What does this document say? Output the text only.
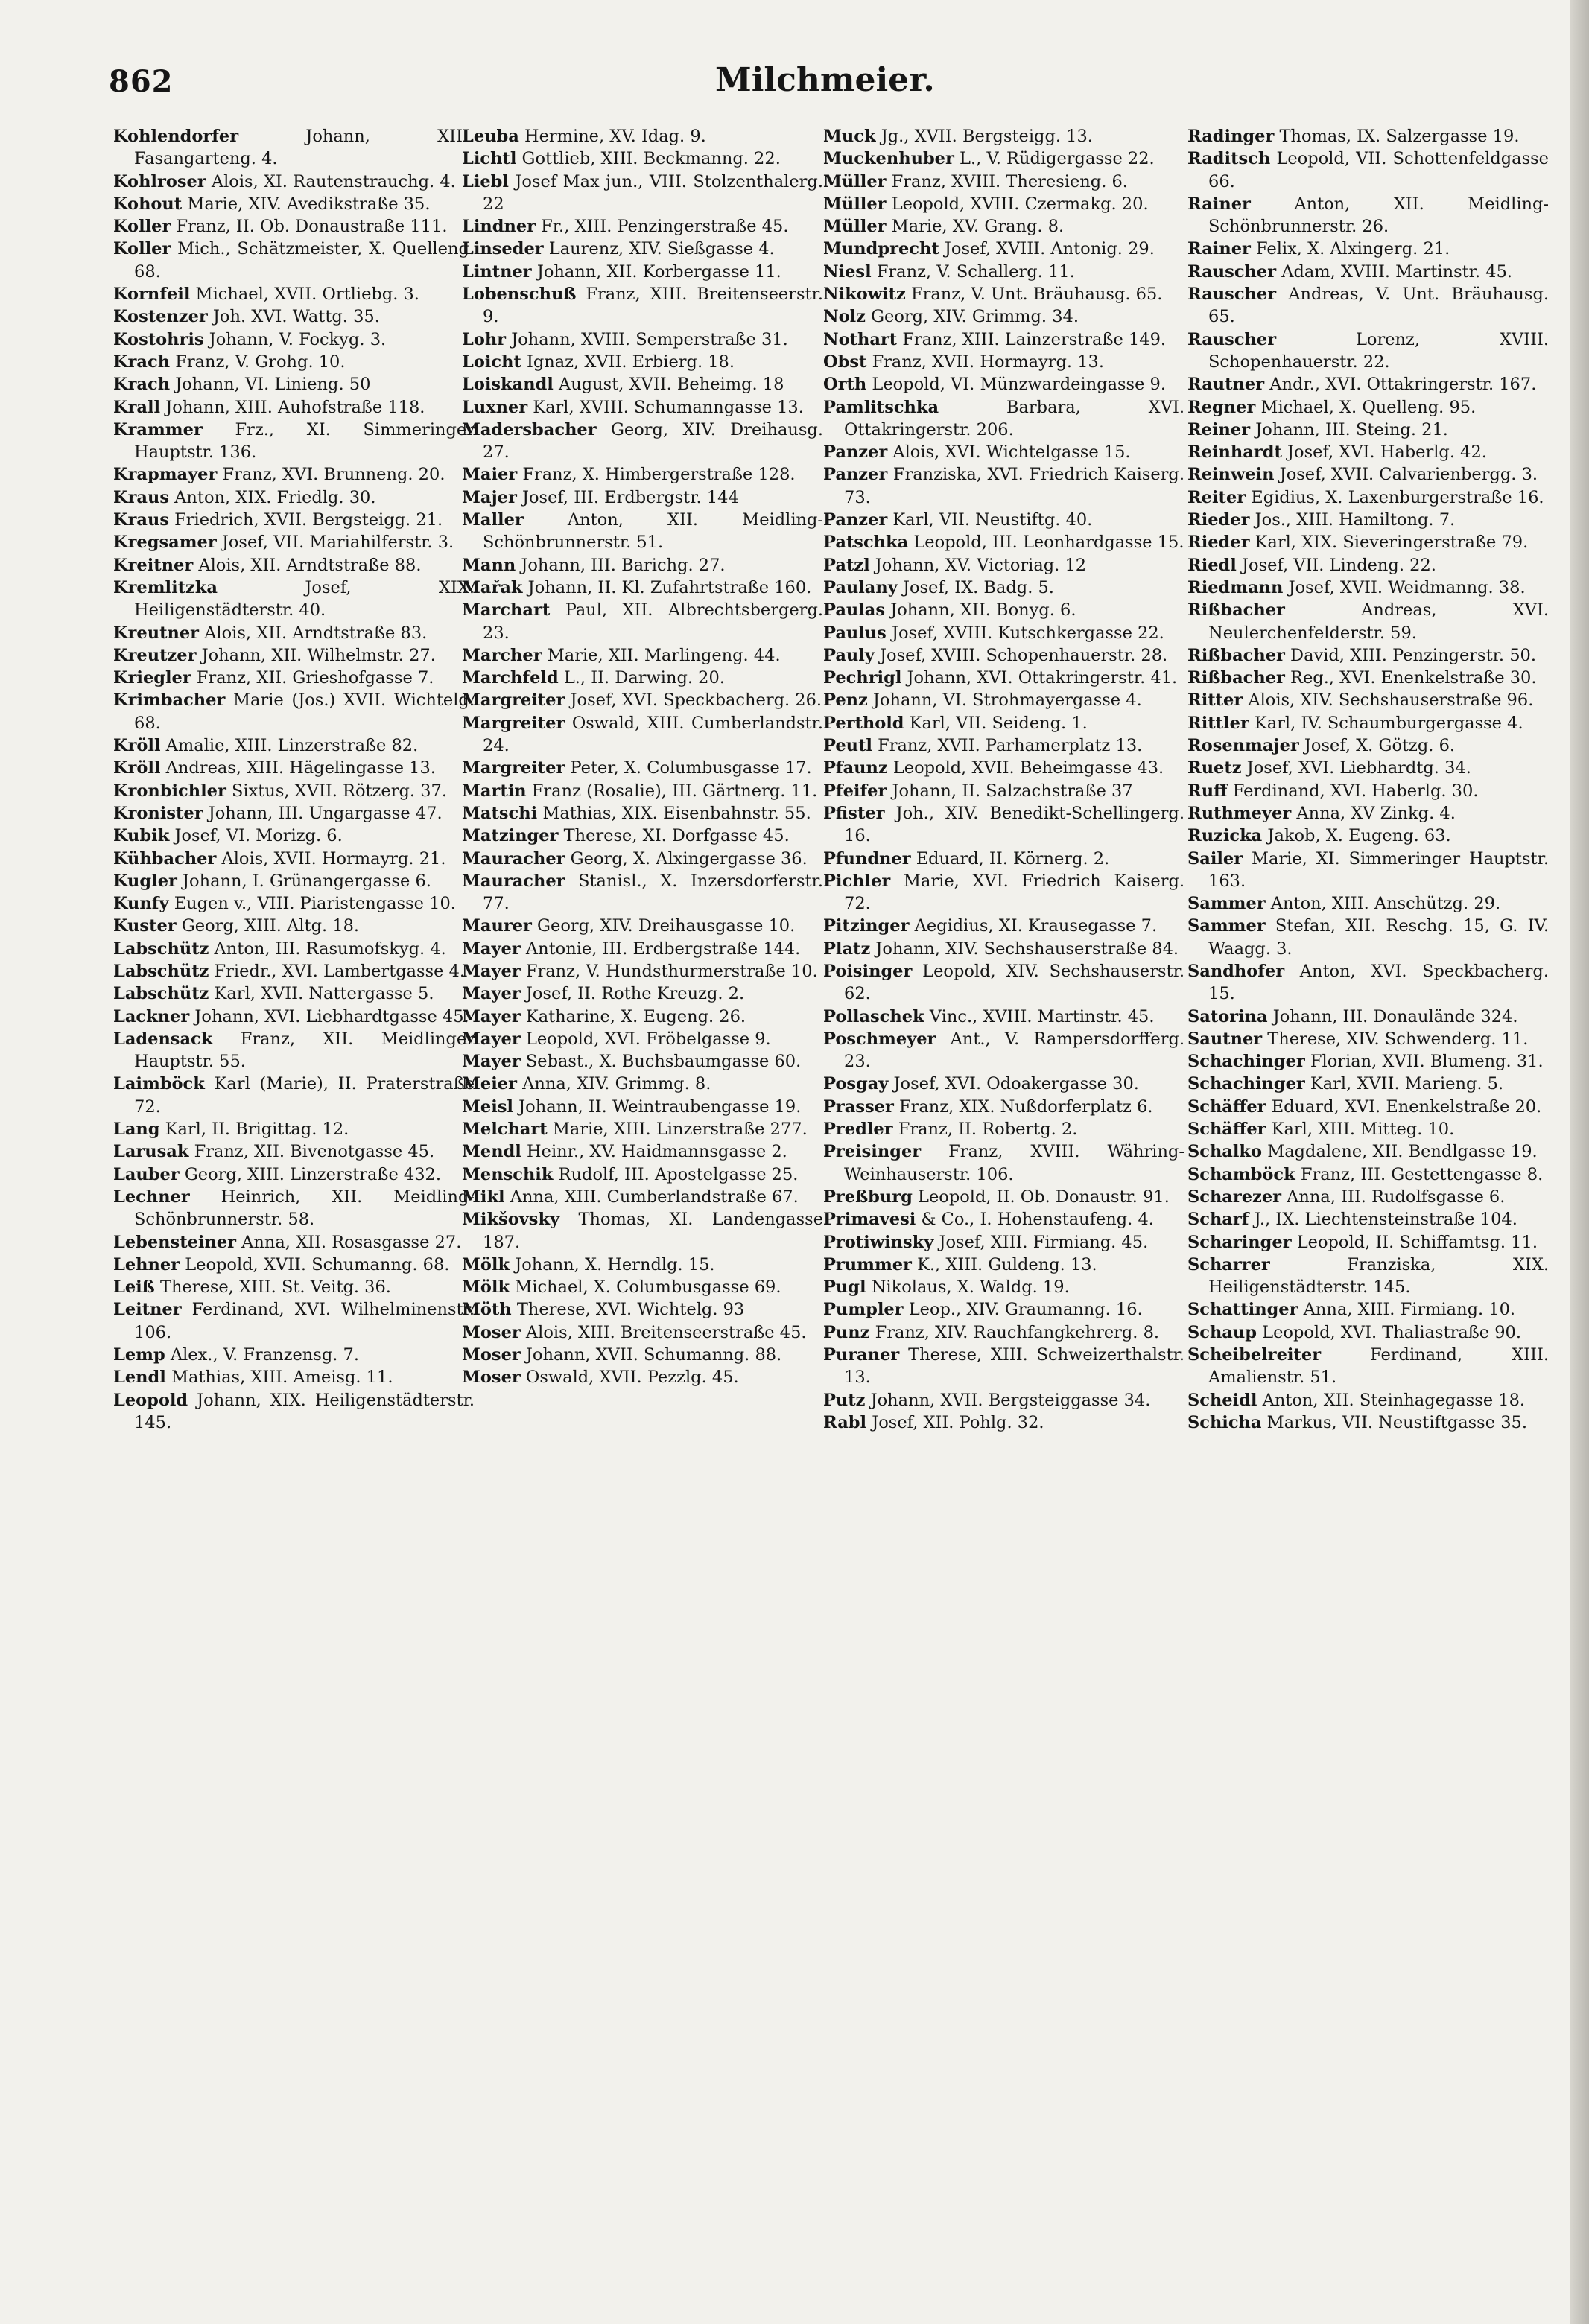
862	Milchmeier.
Kohlendorfer	Johann, XIII. Fasangarteng. 4.
Kohlroser Alois, XI. Rautenstrauchg. 4.
Kohout Marie, XIV. Avedikstraße 35.
Koller Franz, II. Ob. Donaustraße 111.
Koller Mich., Schätzmeister, X. Quelleng. 68.
Kornfeil Michael, XVII. Ortliebg. 3.
Kostenzer Joh. XVI. Wattg. 35.
Kostohris Johann, V. Fockyg. 3.
Krach Franz, V. Grohg. 10.
Krach Johann, VI. Linieng. 50
Krall Johann, XIII. Auhofstraße 118.
Krammer Frz., XI. Simmeringer Hauptstr. 136.
Krapmayer Franz, XVI. Brunneng. 20.
Kraus Anton, XIX. Friedlg. 30.
Kraus Friedrich, XVII. Bergsteigg. 21.
Kregsamer Josef, VII. Mariahilferstr. 3.
Kreitner Alois, XII. Arndtstraße 88.
Kremlitzka	Josef, XIX. Heiligenstädterstr. 40.
Kreutner Alois, XII. Arndtstraße 83.
Kreutzer Johann, XII. Wilhelmstr. 27.
Kriegler Franz, XII. Grieshofgasse 7.
Krimbacher Marie (Jos.) XVII. Wichtelg. 68.
Kröll Amalie, XIII. Linzerstraße 82.
Kröll Andreas, XIII. Hägelingasse 13.
Kronbichler Sixtus, XVII. Rötzerg. 37.
Kronister Johann, III. Ungargasse 47.
Kubik Josef, VI. Morizg. 6.
Kühbacher Alois, XVII. Hormayrg. 21.
Kugler Johann, I. Grünangergasse 6.
Kunfy Eugen v., VIII. Piaristengasse 10.
Kuster Georg, XIII. Altg. 18.
Labschütz Anton, III. Rasumofskyg. 4.
Labschütz Friedr., XVI. Lambertgasse 4.
Labschütz Karl, XVII. Nattergasse 5.
Lackner Johann, XVI. Liebhardtgasse 45.
Ladensack Franz, XII. Meidlinger Hauptstr. 55.
Laimböck Karl (Marie), II. Praterstraße 72.
Lang Karl, II. Brigittag. 12.
Larusak Franz, XII. Bivenotgasse 45.
Lauber Georg, XIII. Linzerstraße 432.
Lechner Heinrich, XII. Meidling-Schönbrunnerstr. 58.
Lebensteiner Anna, XII. Rosasgasse 27.
Lehner Leopold, XVII. Schumanng. 68.
Leiß Therese, XIII. St. Veitg. 36.
Leitner Ferdinand, XVI. Wilhelminenstr. 106.
Lemp Alex., V. Franzensg. 7.
Lendl Mathias, XIII. Ameisg. 11.
Leopold Johann, XIX. Heiligenstädterstr. 145.
Leuba Hermine, XV. Idag. 9.
Lichtl Gottlieb, XIII. Beckmanng. 22.
Liebl Josef Max jun., VIII. Stolzenthalerg. 22
Lindner Fr., XIII. Penzingerstraße 45.
Linseder Laurenz, XIV. Sießgasse 4.
Lintner Johann, XII. Korbergasse 11.
Lobenschuß Franz, XIII. Breitenseerstr. 9.
Lohr Johann, XVIII. Semperstraße 31.
Loicht Ignaz, XVII. Erbierg. 18.
Loiskandl August, XVII. Beheimg. 18
Luxner Karl, XVIII. Schumanngasse 13.
Madersbacher Georg, XIV. Dreihausg. 27.
Maier Franz, X. Himbergerstraße 128.
Majer Josef, III. Erdbergstr. 144
Maller	Anton, XII. Meidling-Schönbrunnerstr. 51.
Mann Johann, III. Barichg. 27.
Mařak Johann, II. Kl. Zufahrtstraße 160.
Marchart Paul, XII. Albrechtsbergerg. 23.
Marcher Marie, XII. Marlingeng. 44.
Marchfeld L., II. Darwing. 20.
Margreiter Josef, XVI. Speckbacherg. 26.
Margreiter Oswald, XIII. Cumberlandstr. 24.
Margreiter Peter, X. Columbusgasse 17.
Martin Franz (Rosalie), III. Gärtnerg. 11.
Matschi Mathias, XIX. Eisenbahnstr. 55.
Matzinger Therese, XI. Dorfgasse 45.
Mauracher Georg, X. Alxingergasse 36.
Mauracher Stanisl., X. Inzersdorferstr. 77.
Maurer Georg, XIV. Dreihausgasse 10.
Mayer Antonie, III. Erdbergstraße 144.
Mayer Franz, V. Hundsthurmerstraße 10.
Mayer Josef, II. Rothe Kreuzg. 2.
Mayer Katharine, X. Eugeng. 26.
Mayer Leopold, XVI. Fröbelgasse 9.
Mayer Sebast., X. Buchsbaumgasse 60.
Meier Anna, XIV. Grimmg. 8.
Meisl Johann, II. Weintraubengasse 19.
Melchart Marie, XIII. Linzerstraße 277.
Mendl Heinr., XV. Haidmannsgasse 2.
Menschik Rudolf, III. Apostelgasse 25.
Mikl Anna, XIII. Cumberlandstraße 67.
Mikšovsky Thomas, XI. Landengasse 187.
Mölk Johann, X. Herndlg. 15.
Mölk Michael, X. Columbusgasse 69.
Möth Therese, XVI. Wichtelg. 93
Moser Alois, XIII. Breitenseerstraße 45.
Moser Johann, XVII. Schumanng. 88.
Moser Oswald, XVII. Pezzlg. 45.
Muck Jg., XVII. Bergsteigg. 13.
Muckenhuber L., V. Rüdigergasse 22.
Müller Franz, XVIII. Theresieng. 6.
Müller Leopold, XVIII. Czermakg. 20.
Müller Marie, XV. Grang. 8.
Mundprecht Josef, XVIII. Antonig. 29.
Niesl Franz, V. Schallerg. 11.
Nikowitz Franz, V. Unt. Bräuhausg. 65.
Nolz Georg, XIV. Grimmg. 34.
Nothart Franz, XIII. Lainzerstraße 149.
Obst Franz, XVII. Hormayrg. 13.
Orth Leopold, VI. Münzwardeingasse 9.
Pamlitschka	Barbara, XVI. Ottakringerstr. 206.
Panzer Alois, XVI. Wichtelgasse 15.
Panzer Franziska, XVI. Friedrich Kaiserg. 73.
Panzer Karl, VII. Neustiftg. 40.
Patschka Leopold, III. Leonhardgasse 15.
Patzl Johann, XV. Victoriag. 12
Paulany Josef, IX. Badg. 5.
Paulas Johann, XII. Bonyg. 6.
Paulus Josef, XVIII. Kutschkergasse 22.
Pauly Josef, XVIII. Schopenhauerstr. 28.
Pechrigl Johann, XVI. Ottakringerstr. 41.
Penz Johann, VI. Strohmayergasse 4.
Perthold Karl, VII. Seideng. 1.
Peutl Franz, XVII. Parhamerplatz 13.
Pfaunz Leopold, XVII. Beheimgasse 43.
Pfeifer Johann, II. Salzachstraße 37
Pfister Joh., XIV. Benedikt-Schellingerg. 16.
Pfundner Eduard, II. Körnerg. 2.
Pichler Marie, XVI. Friedrich Kaiserg. 72.
Pitzinger Aegidius, XI. Krausegasse 7.
Platz Johann, XIV. Sechshauserstraße 84.
Poisinger Leopold, XIV. Sechshauserstr. 62.
Pollaschek Vinc., XVIII. Martinstr. 45.
Poschmeyer Ant., V. Rampersdorfferg. 23.
Posgay Josef, XVI. Odoakergasse 30.
Prasser Franz, XIX. Nußdorferplatz 6.
Predler Franz, II. Robertg. 2.
Preisinger Franz, XVIII. Währing-Weinhauserstr. 106.
Preßburg Leopold, II. Ob. Donaustr. 91.
Primavesi & Co., I. Hohenstaufeng. 4.
Protiwinsky Josef, XIII. Firmiang. 45.
Prummer K., XIII. Guldeng. 13.
Pugl Nikolaus, X. Waldg. 19.
Pumpler Leop., XIV. Graumanng. 16.
Punz Franz, XIV. Rauchfangkehrerg. 8.
Puraner Therese, XIII. Schweizerthalstr. 13.
Putz Johann, XVII. Bergsteiggasse 34.
Rabl Josef, XII. Pohlg. 32.
Radinger Thomas, IX. Salzergasse 19.
Raditsch Leopold, VII. Schottenfeldgasse 66.
Rainer	Anton, XII. Meidling-Schönbrunnerstr. 26.
Rainer Felix, X. Alxingerg. 21.
Rauscher Adam, XVIII. Martinstr. 45.
Rauscher Andreas, V. Unt. Bräuhausg. 65.
Rauscher	Lorenz, XVIII. Schopenhauerstr. 22.
Rautner Andr., XVI. Ottakringerstr. 167.
Regner Michael, X. Quelleng. 95.
Reiner Johann, III. Steing. 21.
Reinhardt Josef, XVI. Haberlg. 42.
Reinwein Josef, XVII. Calvarienbergg. 3.
Reiter Egidius, X. Laxenburgerstraße 16.
Rieder Jos., XIII. Hamiltong. 7.
Rieder Karl, XIX. Sieveringerstraße 79.
Riedl Josef, VII. Lindeng. 22.
Riedmann Josef, XVII. Weidmanng. 38.
Rißbacher	Andreas, XVI. Neulerchenfelderstr. 59.
Rißbacher David, XIII. Penzingerstr. 50.
Rißbacher Reg., XVI. Enenkelstraße 30.
Ritter Alois, XIV. Sechshauserstraße 96.
Rittler Karl, IV. Schaumburgergasse 4.
Rosenmajer Josef, X. Götzg. 6.
Ruetz Josef, XVI. Liebhardtg. 34.
Ruff Ferdinand, XVI. Haberlg. 30.
Ruthmeyer Anna, XV Zinkg. 4.
Ruzicka Jakob, X. Eugeng. 63.
Sailer Marie, XI. Simmeringer Hauptstr. 163.
Sammer Anton, XIII. Anschützg. 29.
Sammer Stefan, XII. Reschg. 15, G. IV. Waagg. 3.
Sandhofer Anton, XVI. Speckbacherg. 15.
Satorina Johann, III. Donaulände 324.
Sautner Therese, XIV. Schwenderg. 11.
Schachinger Florian, XVII. Blumeng. 31.
Schachinger Karl, XVII. Marieng. 5.
Schäffer Eduard, XVI. Enenkelstraße 20.
Schäffer Karl, XIII. Mitteg. 10.
Schalko Magdalene, XII. Bendlgasse 19.
Schamböck Franz, III. Gestettengasse 8.
Scharezer Anna, III. Rudolfsgasse 6.
Scharf J., IX. Liechtensteinstraße 104.
Scharinger Leopold, II. Schiffamtsg. 11.
Scharrer	Franziska, XIX. Heiligenstädterstr. 145.
Schattinger Anna, XIII. Firmiang. 10.
Schaup Leopold, XVI. Thaliastraße 90.
Scheibelreiter	Ferdinand, XIII. Amalienstr. 51.
Scheidl Anton, XII. Steinhagegasse 18.
Schicha Markus, VII. Neustiftgasse 35.
